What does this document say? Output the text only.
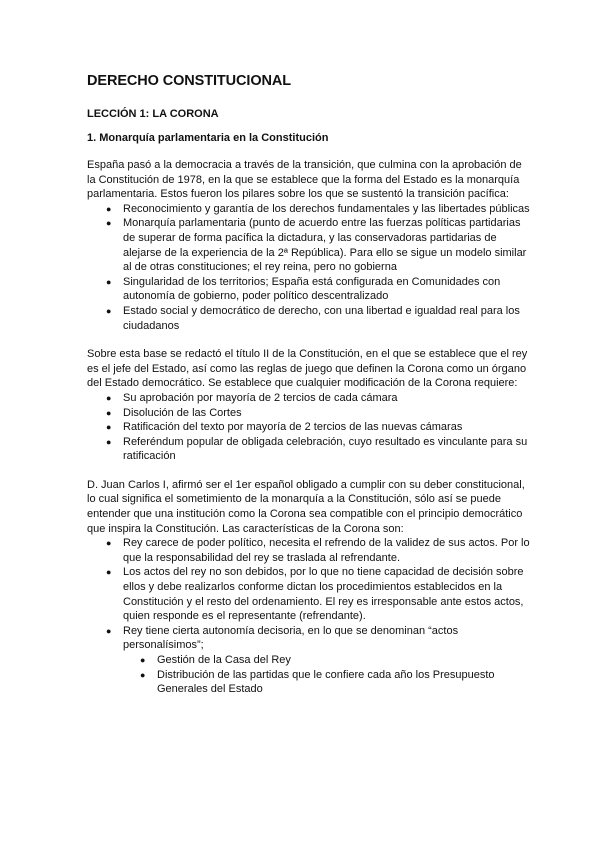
DERECHO CONSTITUCIONAL
LECCIÓN 1: LA CORONA
1. Monarquía parlamentaria en la Constitución

España pasó a la democracia a través de la transición, que culmina con la aprobación de la Constitución de 1978, en la que se establece que la forma del Estado es la monarquía parlamentaria. Estos fueron los pilares sobre los que se sustentó la transición pacífica:

●	Reconocimiento y garantía de los derechos fundamentales y las libertades públicas
●	Monarquía parlamentaria (punto de acuerdo entre las fuerzas políticas partidarias de superar de forma pacífica la dictadura, y las conservadoras partidarias de alejarse de la experiencia de la 2ª República). Para ello se sigue un modelo similar al de otras constituciones; el rey reina, pero no gobierna
●	Singularidad de los territorios; España está configurada en Comunidades con autonomía de gobierno, poder político descentralizado
●	Estado social y democrático de derecho, con una libertad e igualdad real para los ciudadanos

Sobre esta base se redactó el título II de la Constitución, en el que se establece que el rey es el jefe del Estado, así como las reglas de juego que definen la Corona como un órgano del Estado democrático. Se establece que cualquier modificación de la Corona requiere:

●	Su aprobación por mayoría de 2 tercios de cada cámara
●	Disolución de las Cortes
●	Ratificación del texto por mayoría de 2 tercios de las nuevas cámaras
●	Referéndum popular de obligada celebración, cuyo resultado es vinculante para su ratificación

D. Juan Carlos I, afirmó ser el 1er español obligado a cumplir con su deber constitucional, lo cual significa el sometimiento de la monarquía a la Constitución, sólo así se puede entender que una institución como la Corona sea compatible con el principio democrático que inspira la Constitución. Las características de la Corona son:

●	Rey carece de poder político, necesita el refrendo de la validez de sus actos. Por lo que la responsabilidad del rey se traslada al refrendante.
●	Los actos del rey no son debidos, por lo que no tiene capacidad de decisión sobre ellos y debe realizarlos conforme dictan los procedimientos establecidos en la Constitución y el resto del ordenamiento. El rey es irresponsable ante estos actos, quien responde es el representante (refrendante).
●	Rey tiene cierta autonomía decisoria, en lo que se denominan “actos personalísimos”;
●	Gestión de la Casa del Rey
●	Distribución de las partidas que le confiere cada año los Presupuesto Generales del Estado
